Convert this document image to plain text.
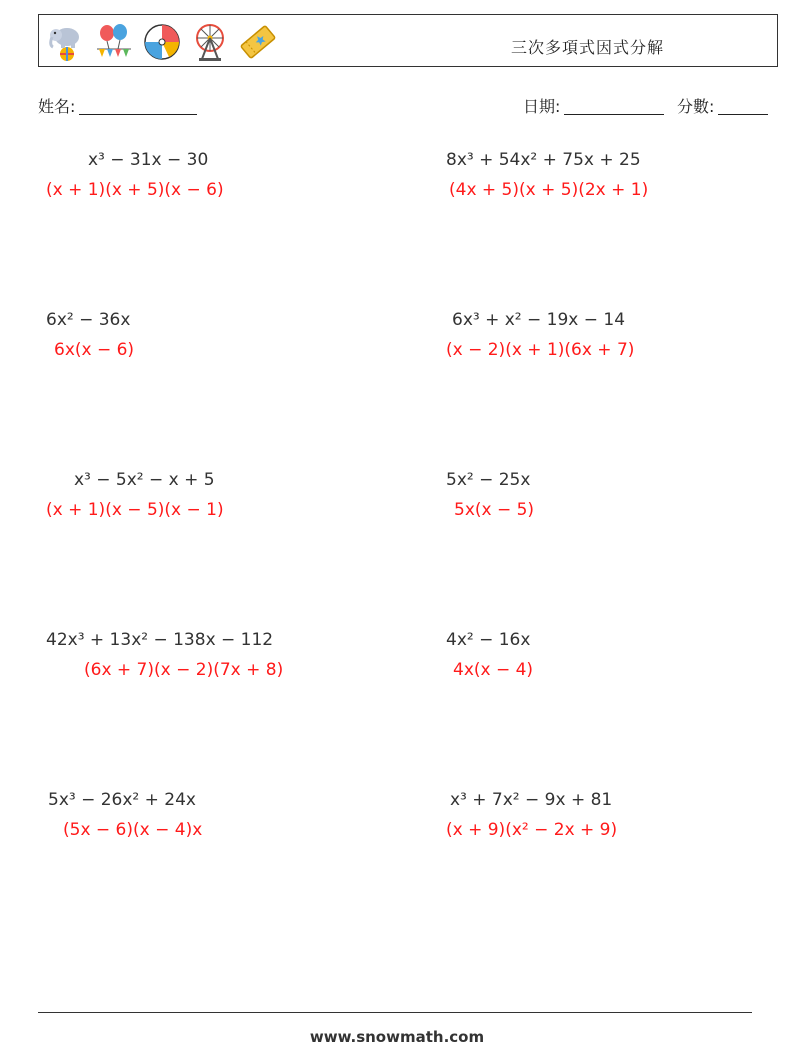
三次多項式因式分解
姓名:	日期:	分數:
x³ − 31x − 30
(x + 1)(x + 5)(x − 6)
6x² − 36x
6x(x − 6)
x³ − 5x² − x + 5
(x + 1)(x − 5)(x − 1)
42x³ + 13x² − 138x − 112
(6x + 7)(x − 2)(7x + 8)
5x³ − 26x² + 24x
(5x − 6)(x − 4)x
8x³ + 54x² + 75x + 25
(4x + 5)(x + 5)(2x + 1)
6x³ + x² − 19x − 14
(x − 2)(x + 1)(6x + 7)
5x² − 25x
5x(x − 5)
4x² − 16x
4x(x − 4)
x³ + 7x² − 9x + 81
(x + 9)(x² − 2x + 9)
www.snowmath.com
